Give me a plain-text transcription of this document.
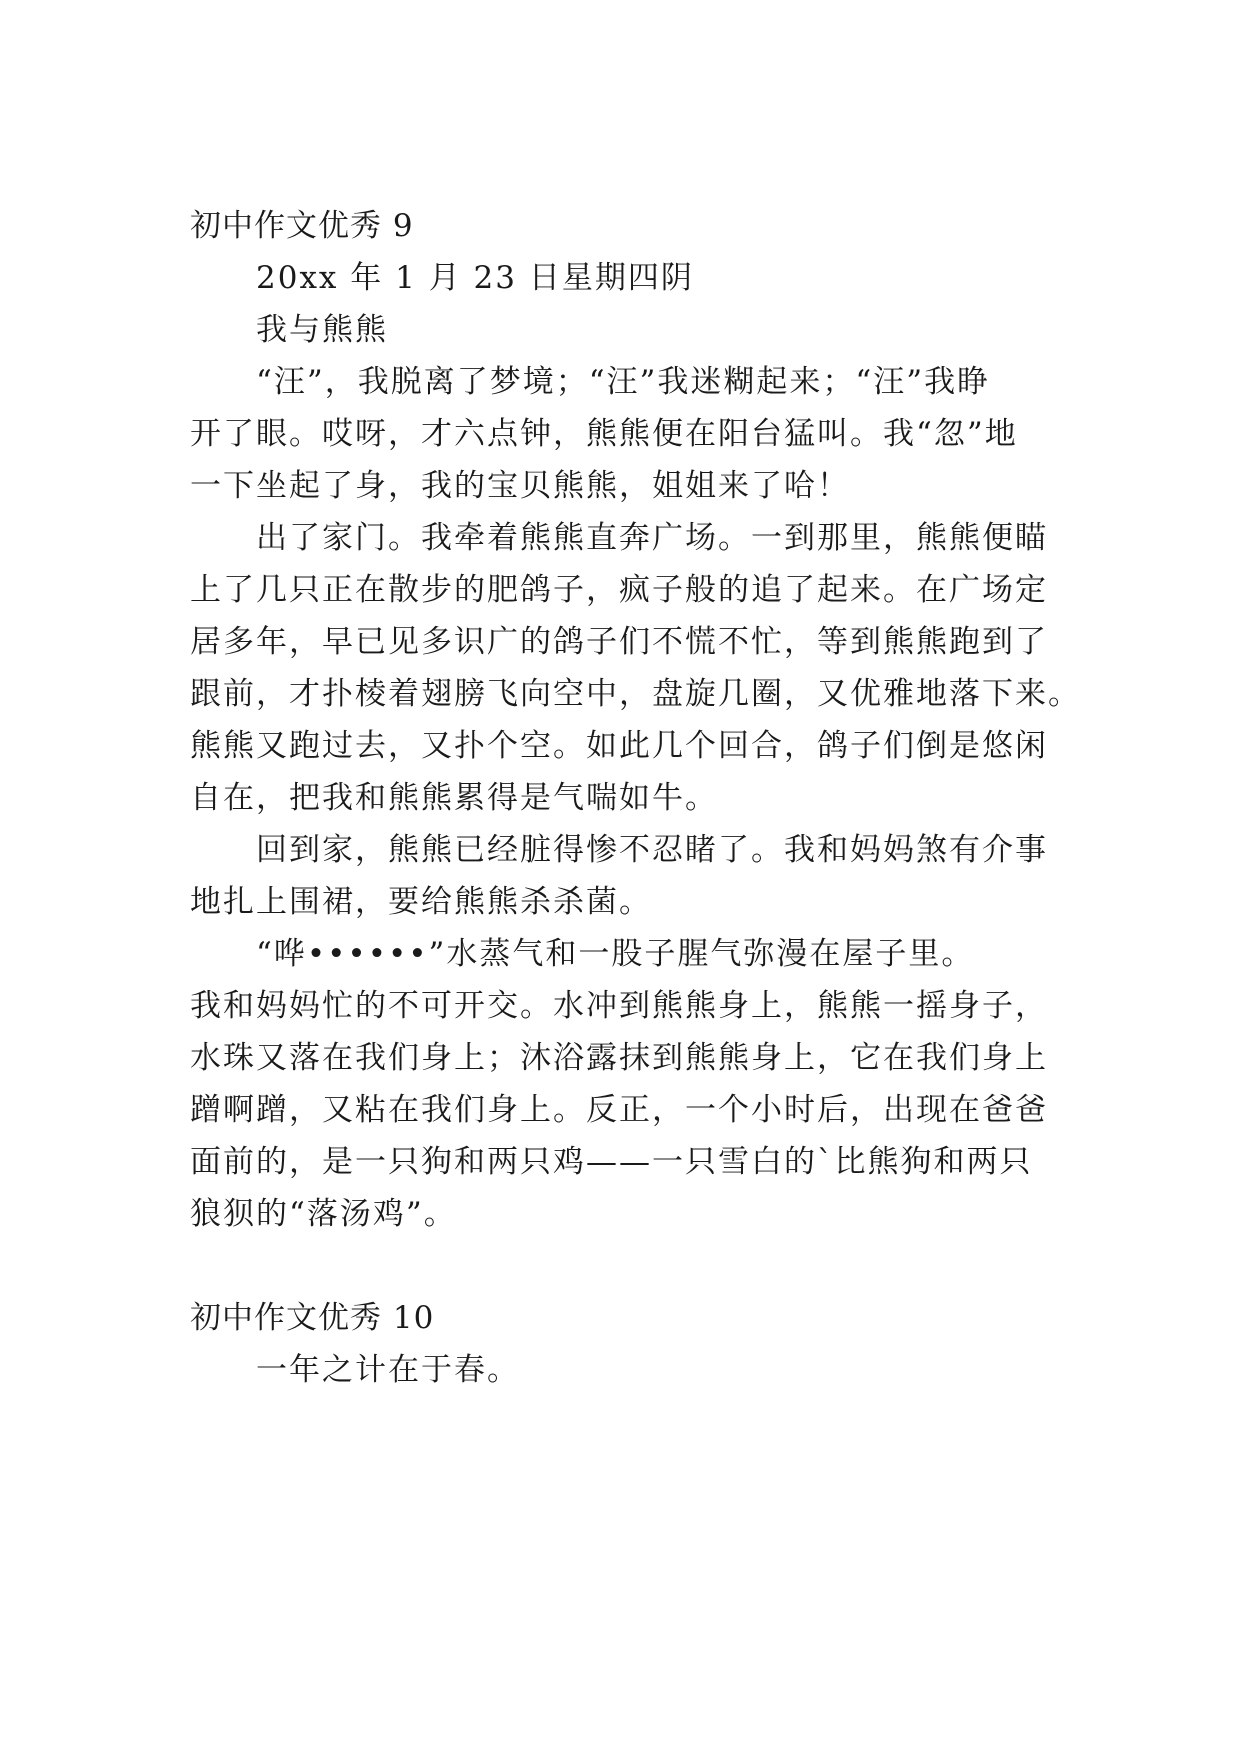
初中作文优秀 9
20xx 年 1 月 23 日星期四阴
我与熊熊
“汪”，我脱离了梦境；“汪”我迷糊起来；“汪”我睁
开了眼。哎呀，才六点钟，熊熊便在阳台猛叫。我“忽”地
一下坐起了身，我的宝贝熊熊，姐姐来了哈！
出了家门。我牵着熊熊直奔广场。一到那里，熊熊便瞄
上了几只正在散步的肥鸽子，疯子般的追了起来。在广场定
居多年，早已见多识广的鸽子们不慌不忙，等到熊熊跑到了
跟前，才扑棱着翅膀飞向空中，盘旋几圈，又优雅地落下来。
熊熊又跑过去，又扑个空。如此几个回合，鸽子们倒是悠闲
自在，把我和熊熊累得是气喘如牛。
回到家，熊熊已经脏得惨不忍睹了。我和妈妈煞有介事
地扎上围裙，要给熊熊杀杀菌。
“哗••••••”水蒸气和一股子腥气弥漫在屋子里。
我和妈妈忙的不可开交。水冲到熊熊身上，熊熊一摇身子，
水珠又落在我们身上；沐浴露抹到熊熊身上，它在我们身上
蹭啊蹭，又粘在我们身上。反正，一个小时后，出现在爸爸
面前的，是一只狗和两只鸡——一只雪白的`比熊狗和两只
狼狈的“落汤鸡”。
初中作文优秀 10
一年之计在于春。
